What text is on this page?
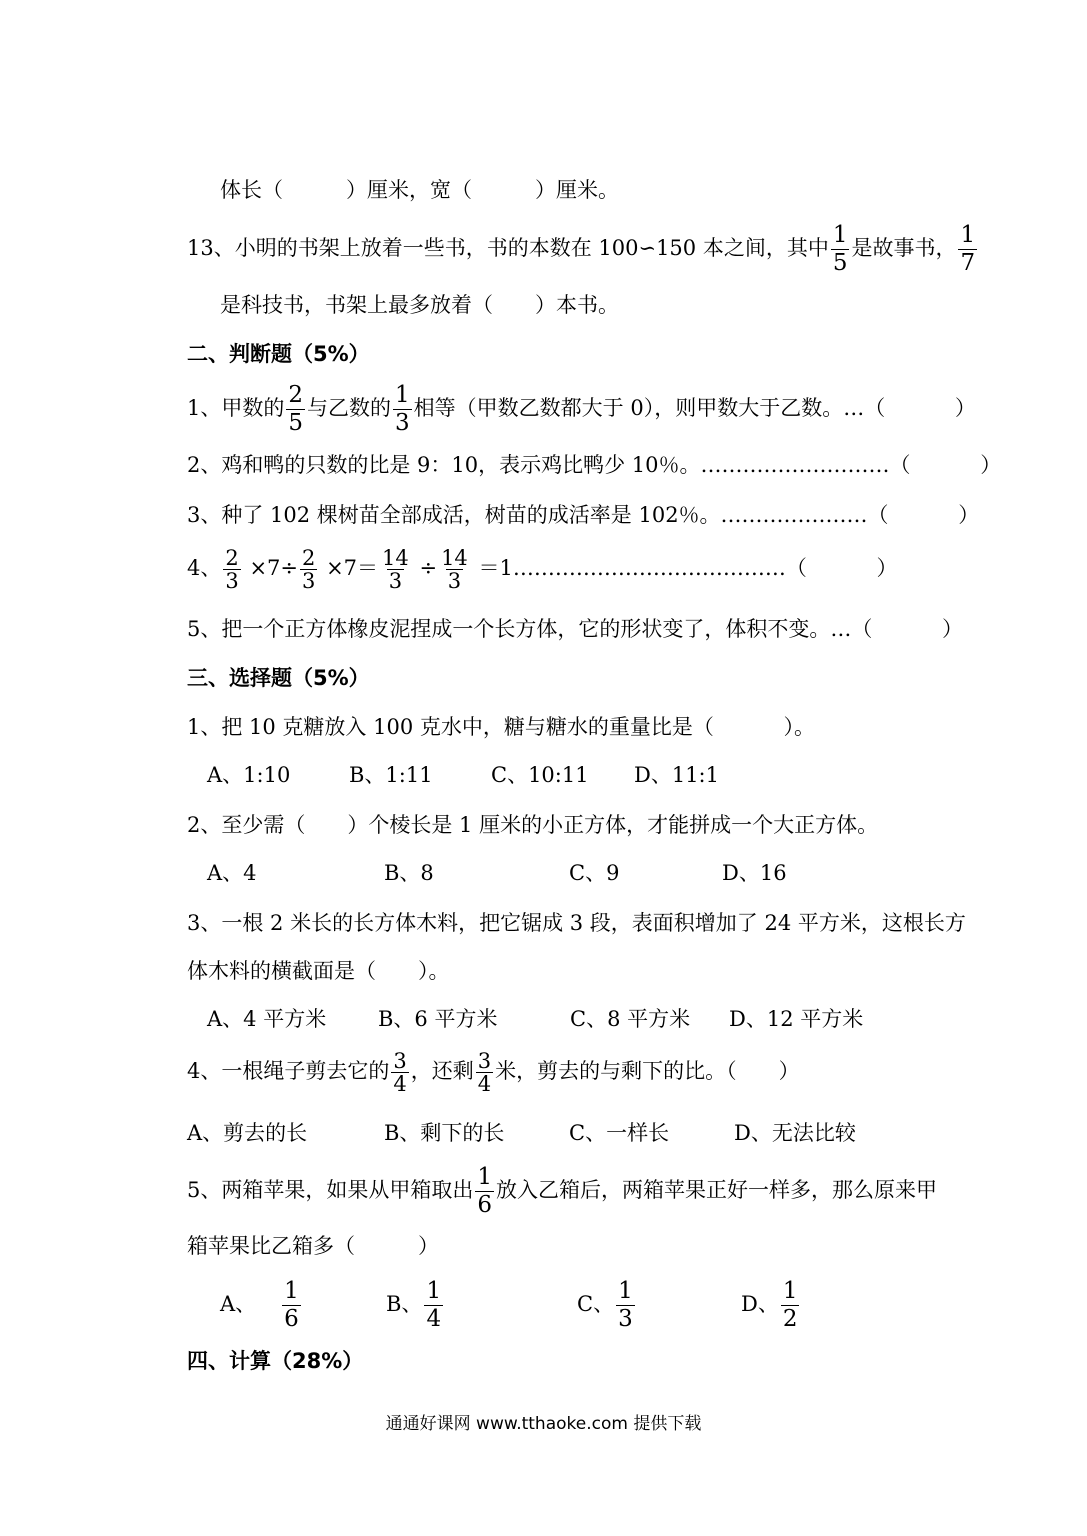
体长（　　　）厘米，宽（　　　）厘米。
13、小明的书架上放着一些书，书的本数在 100∽150 本之间，其中 $\frac{1}{5}$ 是故事书， $\frac{1}{7}$
是科技书，书架上最多放着（　　）本书。
二、判断题（5%）
1、甲数的 $\frac{2}{5}$ 与乙数的 $\frac{1}{3}$ 相等（甲数乙数都大于 0），则甲数大于乙数。…（　　　 ）
2、鸡和鸭的只数的比是 9：10，表示鸡比鸭少 10％。………………………（　　　 ）
3、种了 102 棵树苗全部成活，树苗的成活率是 102％。…………………（　　　 ）
4、 $\frac{2}{3} \times 7\div \frac{2}{3} \times 7= \frac{14}{3} \div \frac{14}{3}$ ＝1…………………………………（　　　 ）
5、把一个正方体橡皮泥捏成一个长方体，它的形状变了，体积不变。…（　　　 ）
三、选择题（5%）
1、把 10 克糖放入 100 克水中，糖与糖水的重量比是（　　　 ）。
A、1:10	B、1:11	C、10:11 D、11:1
2、至少需（　　）个棱长是 1 厘米的小正方体，才能拼成一个大正方体。
A、4	B、8	C、9	D、16
3、一根 2 米长的长方体木料，把它锯成 3 段，表面积增加了 24 平方米，这根长方
体木料的横截面是（　　）。
A、4 平方米 B、6 平方米	C、8 平方米 D、12 平方米
4、一根绳子剪去它的 $\frac{3}{4}$ ，还剩 $\frac{3}{4}$ 米，剪去的与剩下的比。（　　）
A、剪去的长	B、剩下的长	C、一样长	D、无法比较
5、两箱苹果，如果从甲箱取出 $\frac{1}{6}$ 放入乙箱后，两箱苹果正好一样多，那么原来甲
箱苹果比乙箱多（　　　）
A、 $\frac{1}{6}$	B、 $\frac{1}{4}$	C、 $\frac{1}{3}$	D、 $\frac{1}{2}$
四、计算（28%）
通通好课网 www.tthaoke.com 提供下载
